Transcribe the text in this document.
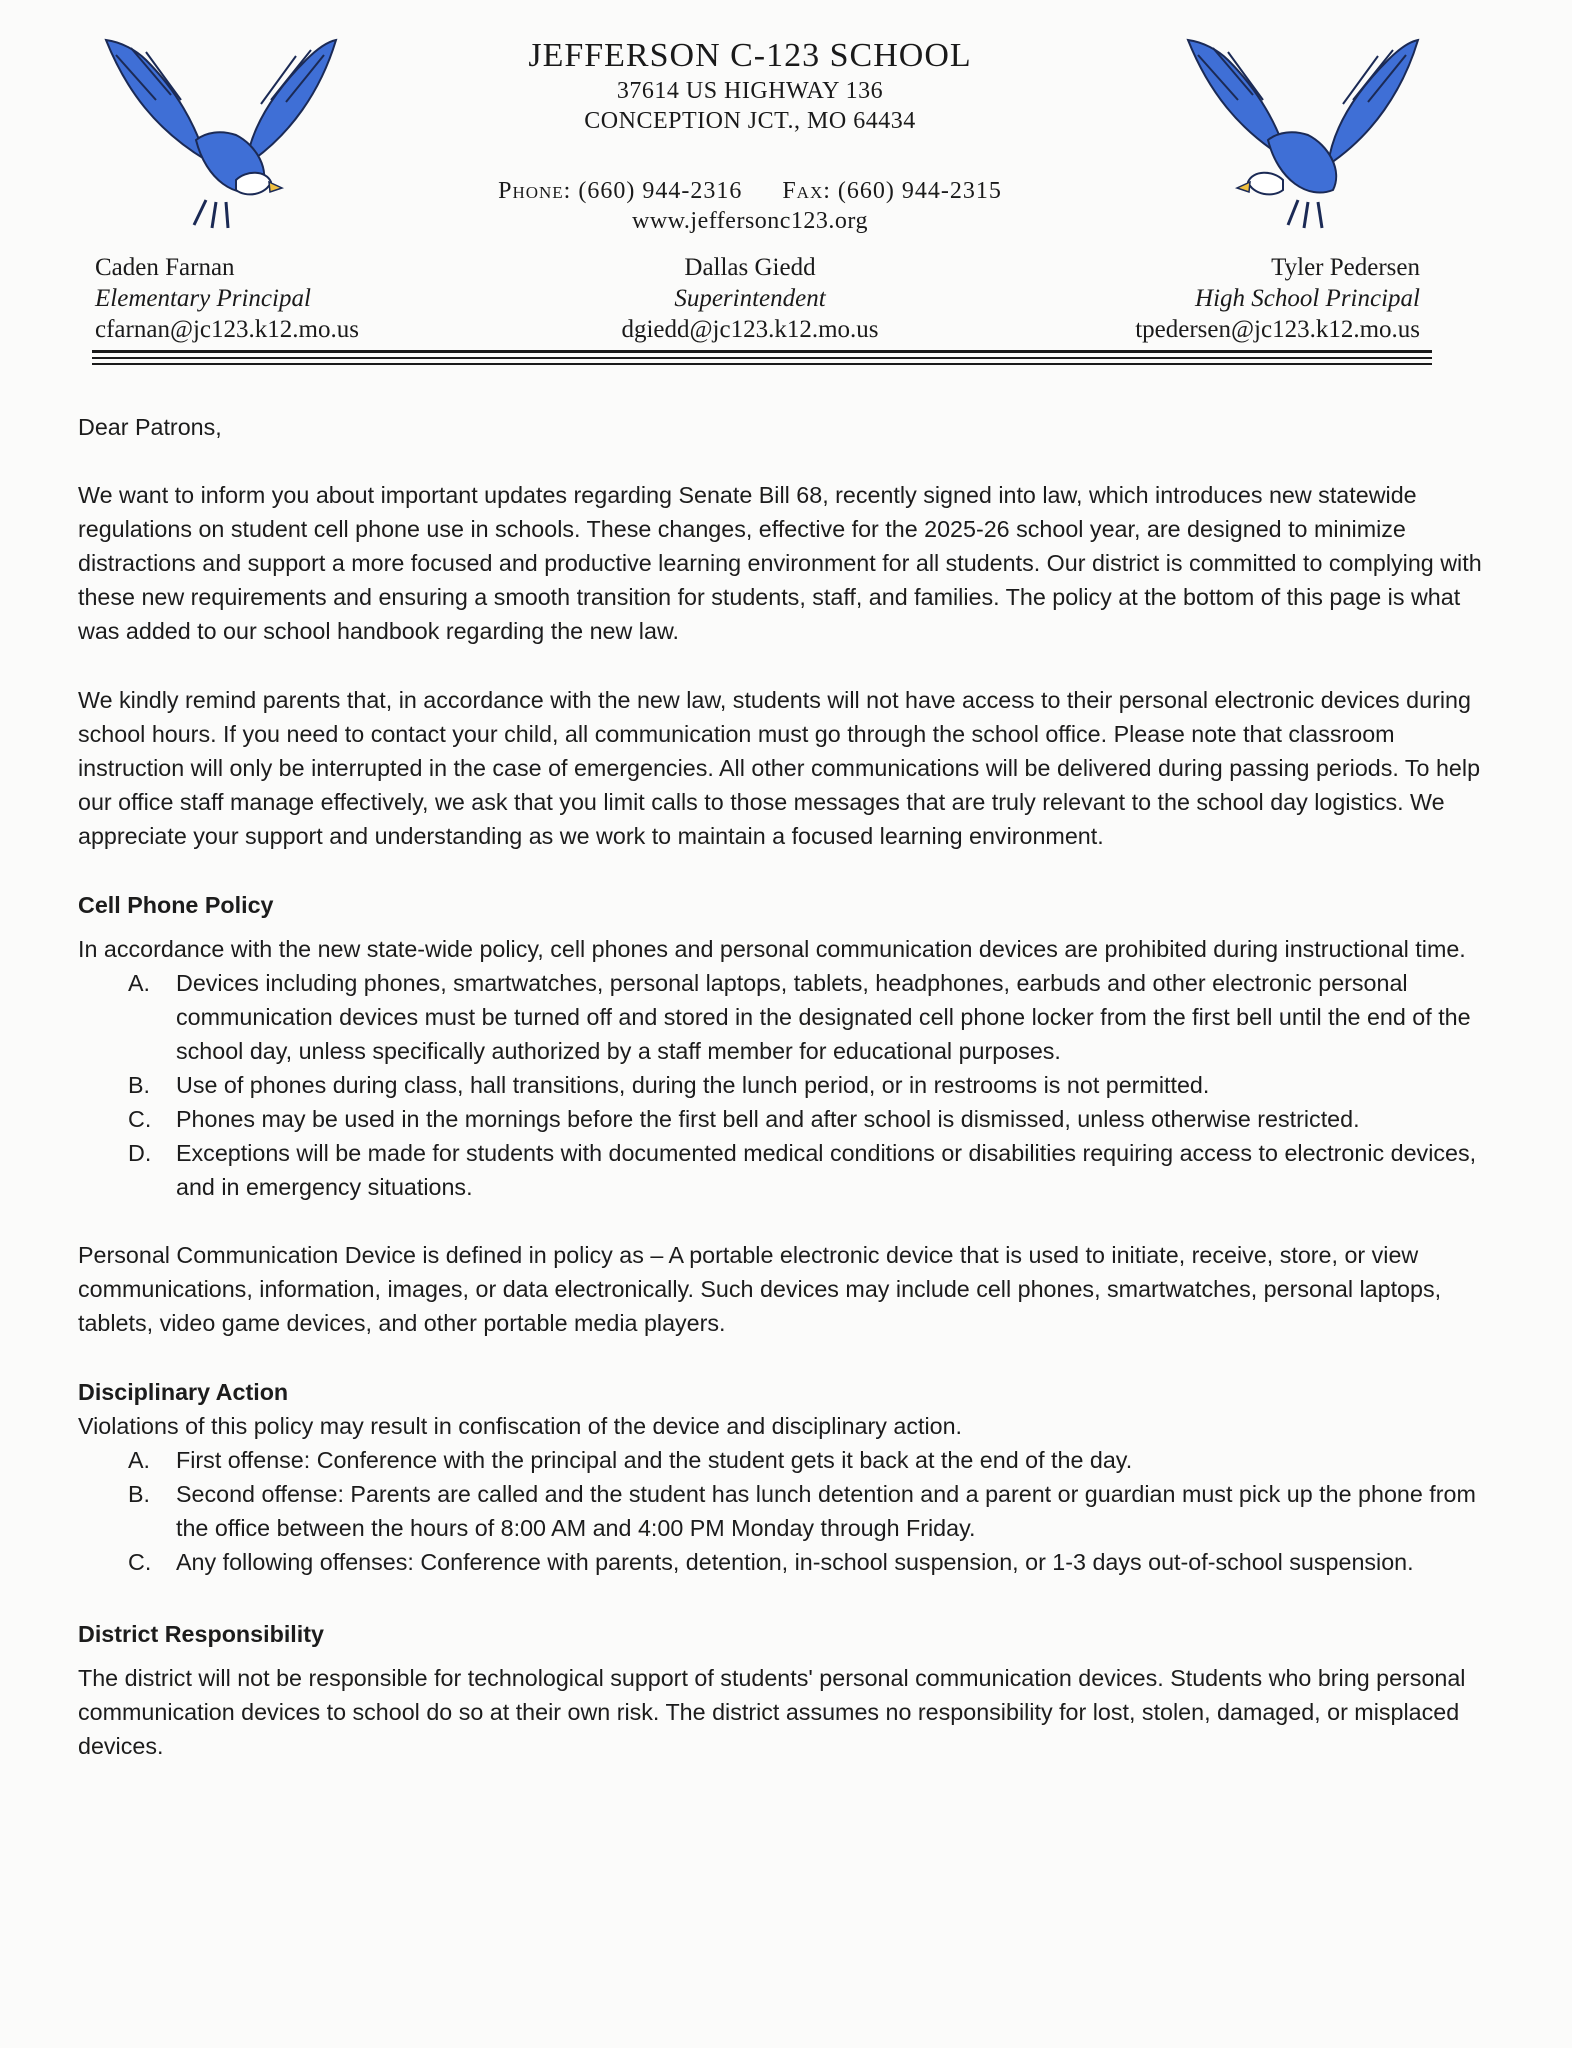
JEFFERSON C-123 SCHOOL
37614 US HIGHWAY 136
CONCEPTION JCT., MO 64434
Phone: (660) 944-2316 Fax: (660) 944-2315
www.jeffersonc123.org
Caden Farnan
Elementary Principal
cfarnan@jc123.k12.mo.us
Dallas Giedd
Superintendent
dgiedd@jc123.k12.mo.us
Tyler Pedersen
High School Principal
tpedersen@jc123.k12.mo.us

Dear Patrons,

We want to inform you about important updates regarding Senate Bill 68, recently signed into law, which introduces new statewide regulations on student cell phone use in schools. These changes, effective for the 2025-26 school year, are designed to minimize distractions and support a more focused and productive learning environment for all students. Our district is committed to complying with these new requirements and ensuring a smooth transition for students, staff, and families. The policy at the bottom of this page is what was added to our school handbook regarding the new law.

We kindly remind parents that, in accordance with the new law, students will not have access to their personal electronic devices during school hours. If you need to contact your child, all communication must go through the school office. Please note that classroom instruction will only be interrupted in the case of emergencies. All other communications will be delivered during passing periods. To help our office staff manage effectively, we ask that you limit calls to those messages that are truly relevant to the school day logistics. We appreciate your support and understanding as we work to maintain a focused learning environment.

Cell Phone Policy

In accordance with the new state-wide policy, cell phones and personal communication devices are prohibited during instructional time.

A. Devices including phones, smartwatches, personal laptops, tablets, headphones, earbuds and other electronic personal communication devices must be turned off and stored in the designated cell phone locker from the first bell until the end of the school day, unless specifically authorized by a staff member for educational purposes.
B. Use of phones during class, hall transitions, during the lunch period, or in restrooms is not permitted.
C. Phones may be used in the mornings before the first bell and after school is dismissed, unless otherwise restricted.
D. Exceptions will be made for students with documented medical conditions or disabilities requiring access to electronic devices, and in emergency situations.

Personal Communication Device is defined in policy as – A portable electronic device that is used to initiate, receive, store, or view communications, information, images, or data electronically. Such devices may include cell phones, smartwatches, personal laptops, tablets, video game devices, and other portable media players.

Disciplinary Action

Violations of this policy may result in confiscation of the device and disciplinary action.

A. First offense: Conference with the principal and the student gets it back at the end of the day.
B. Second offense: Parents are called and the student has lunch detention and a parent or guardian must pick up the phone from the office between the hours of 8:00 AM and 4:00 PM Monday through Friday.
C. Any following offenses: Conference with parents, detention, in-school suspension, or 1-3 days out-of-school suspension.

District Responsibility

The district will not be responsible for technological support of students' personal communication devices. Students who bring personal communication devices to school do so at their own risk. The district assumes no responsibility for lost, stolen, damaged, or misplaced devices.
